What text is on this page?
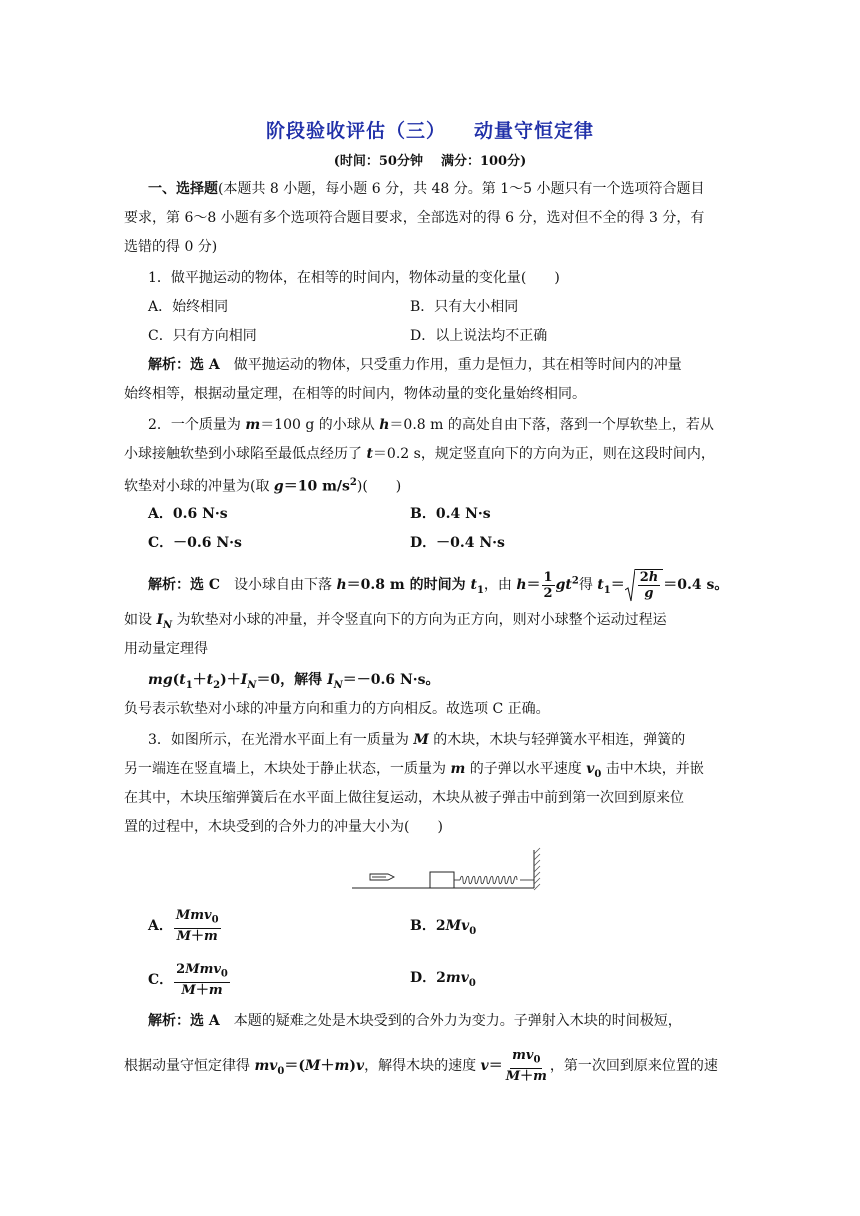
阶段验收评估（三） 动量守恒定律
(时间：50分钟 满分：100分)
一、选择题(本题共 8 小题，每小题 6 分，共 48 分。第 1～5 小题只有一个选项符合题目
要求，第 6～8 小题有多个选项符合题目要求，全部选对的得 6 分，选对但不全的得 3 分，有
选错的得 0 分)
1．做平抛运动的物体，在相等的时间内，物体动量的变化量(　　)
A．始终相同	B．只有大小相同
C．只有方向相同	D．以上说法均不正确
解析：选 A　做平抛运动的物体，只受重力作用，重力是恒力，其在相等时间内的冲量
始终相等，根据动量定理，在相等的时间内，物体动量的变化量始终相同。
2．一个质量为 m＝100 g 的小球从 h＝0.8 m 的高处自由下落，落到一个厚软垫上，若从
小球接触软垫到小球陷至最低点经历了 t＝0.2 s，规定竖直向下的方向为正，则在这段时间内，
软垫对小球的冲量为(取 g＝10 $m/s^2$)(　　)
A．0.6 N·s	B．0.4 N·s
C．－0.6 N·s	D．－0.4 N·s
解析：选 C　设小球自由下落 h＝0.8 m 的时间为 $t_1$，由 $h= \frac{1}{2} gt^2$得 $t_1= \frac{2h}{g} =0.4$ s。
如设 $I_N$ 为软垫对小球的冲量，并令竖直向下的方向为正方向，则对小球整个运动过程运
用动量定理得
$mg(t_1+t_2)+I_N=0$，解得 $I_N=-0.6$ N·s。
负号表示软垫对小球的冲量方向和重力的方向相反。故选项 C 正确。
3．如图所示，在光滑水平面上有一质量为 M 的木块，木块与轻弹簧水平相连，弹簧的
另一端连在竖直墙上，木块处于静止状态，一质量为 m 的子弹以水平速度 $v_0$ 击中木块，并嵌
在其中，木块压缩弹簧后在水平面上做往复运动，木块从被子弹击中前到第一次回到原来位
置的过程中，木块受到的合外力的冲量大小为(　　)
A． $\frac{Mmv_0}{M+m}$	B．$2Mv_0$
C． $\frac{2Mmv_0}{M+m}$	D．$2mv_0$
解析：选 A　本题的疑难之处是木块受到的合外力为变力。子弹射入木块的时间极短，
根据动量守恒定律得 $mv_0=(M+m)v$，解得木块的速度 $v= \frac{mv_0}{M+m}$ ，第一次回到原来位置的速
